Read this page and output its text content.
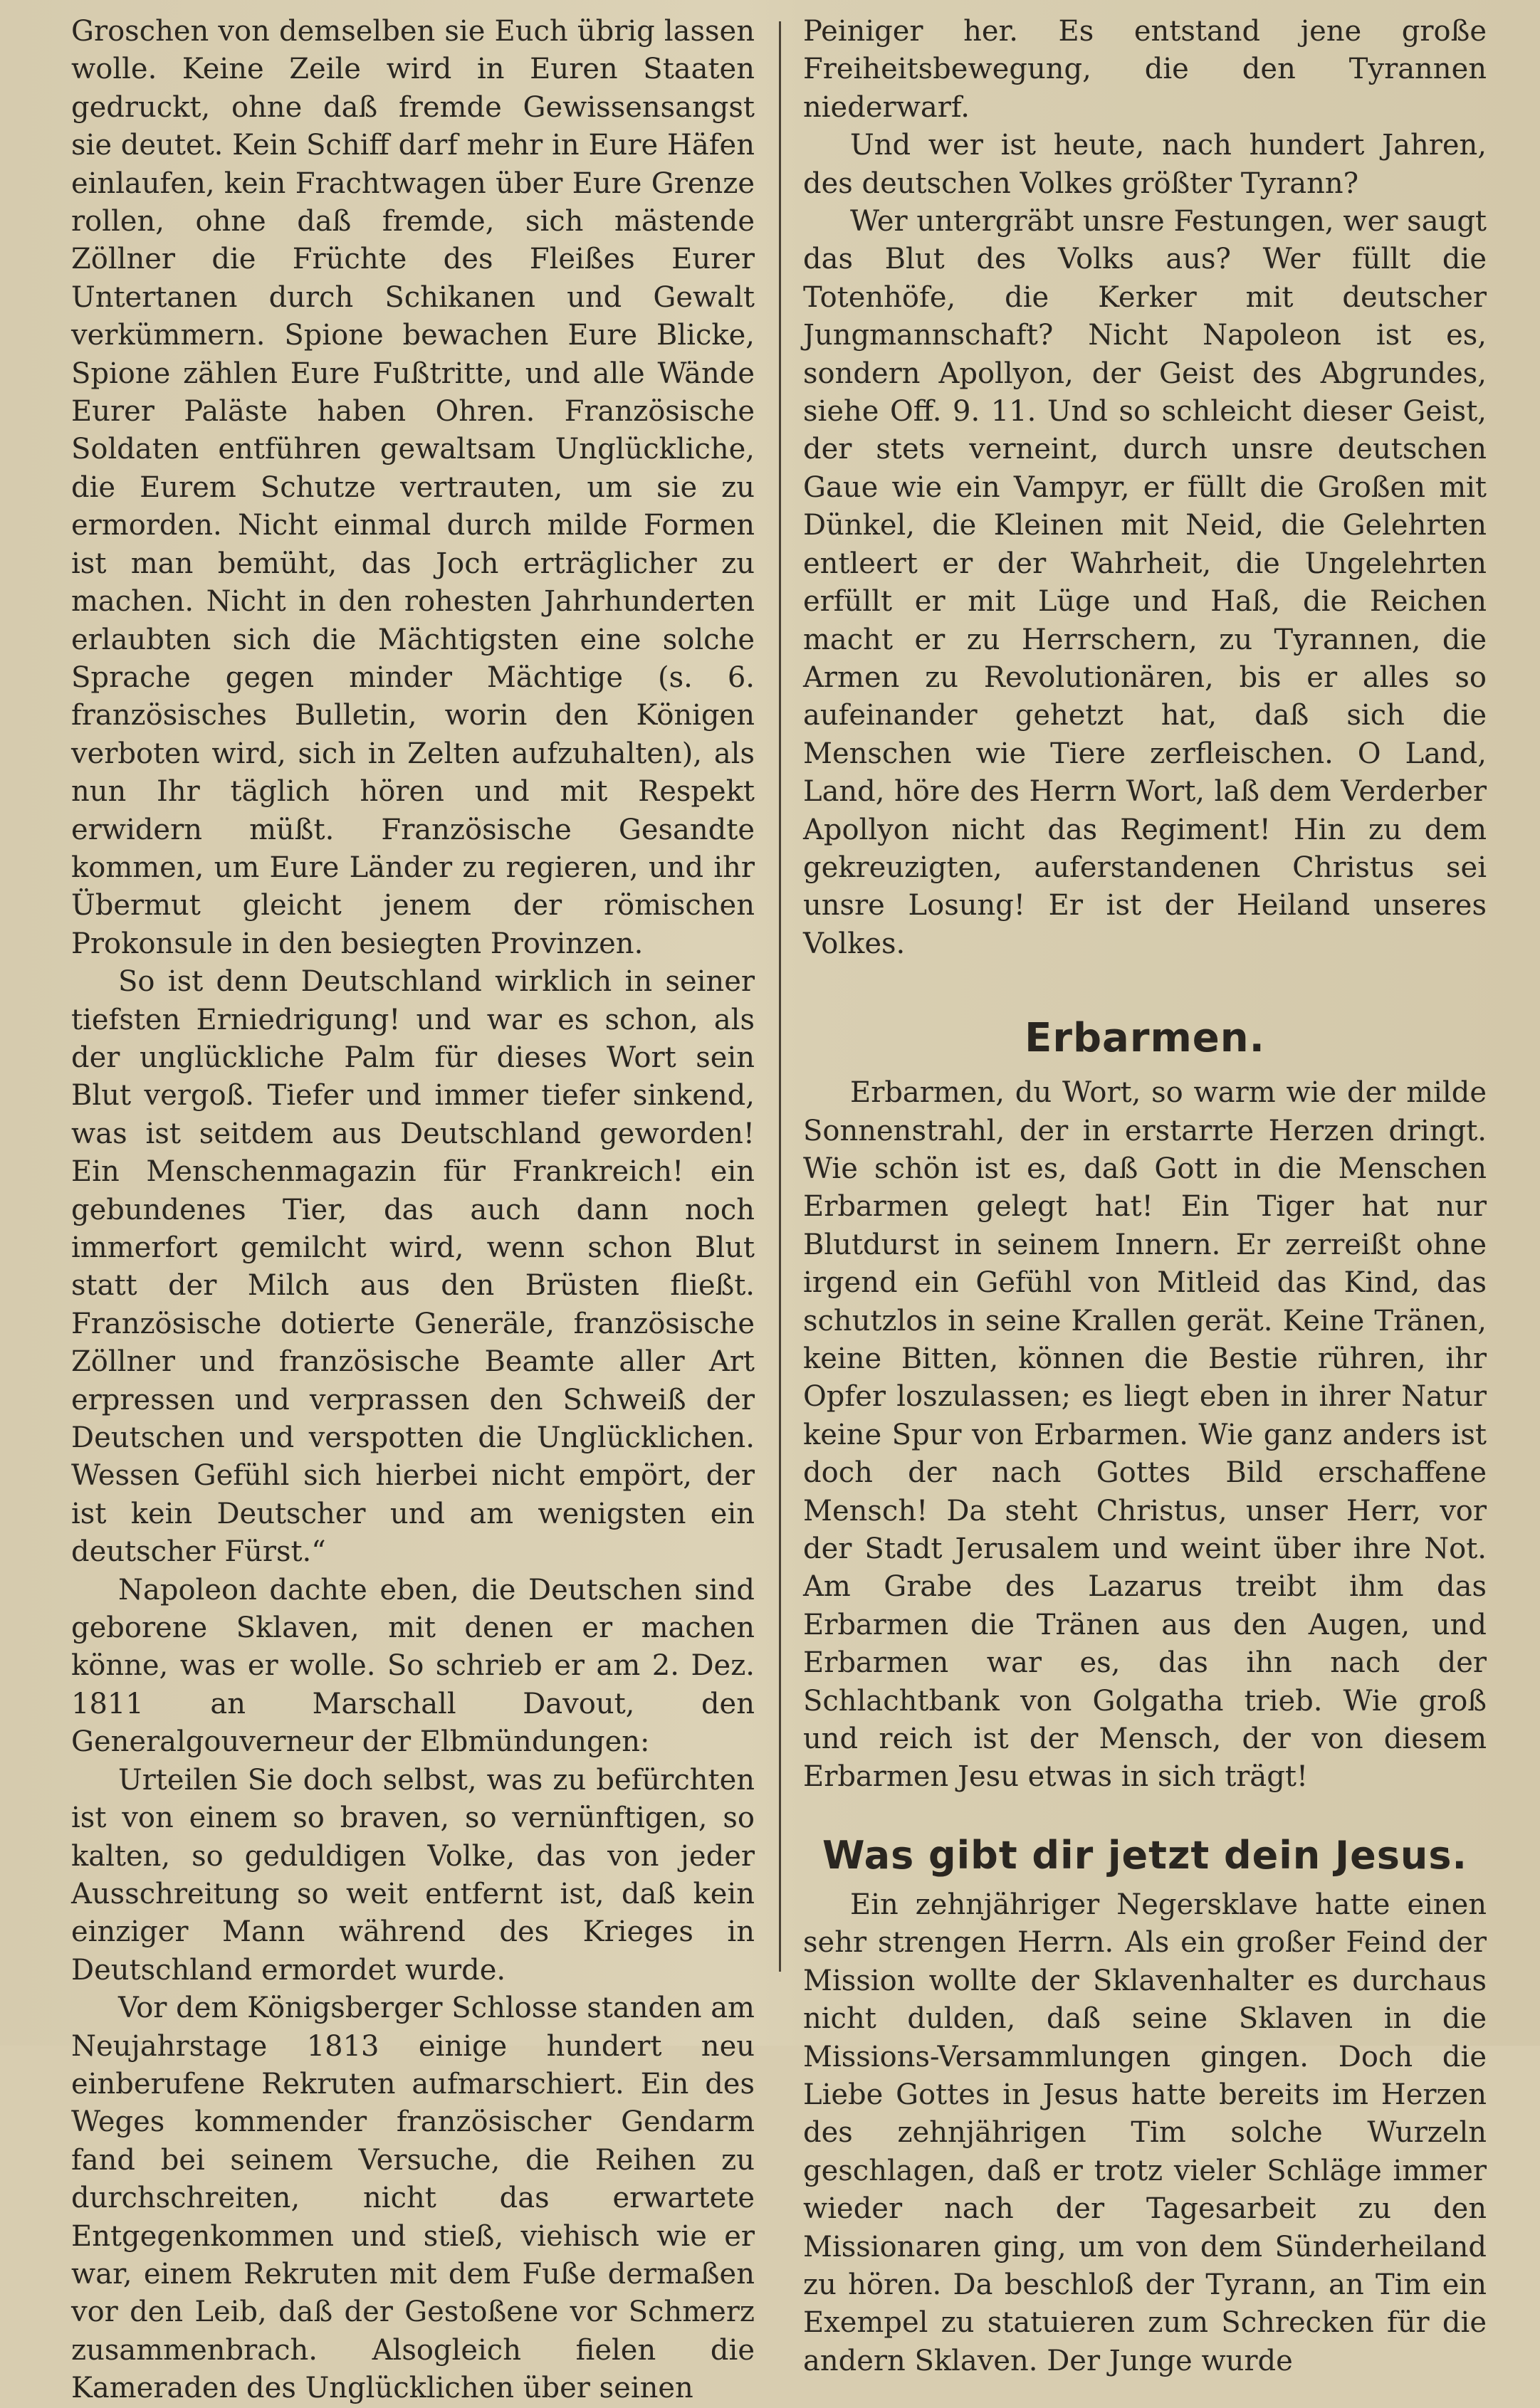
Groschen von demselben sie Euch übrig lassen wolle. Keine Zeile wird in Euren Staaten gedruckt, ohne daß fremde Gewissensangst sie deutet. Kein Schiff darf mehr in Eure Häfen einlaufen, kein Frachtwagen über Eure Grenze rollen, ohne daß fremde, sich mästende Zöllner die Früchte des Fleißes Eurer Untertanen durch Schikanen und Gewalt verkümmern. Spione bewachen Eure Blicke, Spione zählen Eure Fußtritte, und alle Wände Eurer Paläste haben Ohren. Französische Soldaten entführen gewaltsam Unglückliche, die Eurem Schutze vertrauten, um sie zu ermorden. Nicht einmal durch milde Formen ist man bemüht, das Joch erträglicher zu machen. Nicht in den rohesten Jahrhunderten erlaubten sich die Mächtigsten eine solche Sprache gegen minder Mächtige (s. 6. französisches Bulletin, worin den Königen verboten wird, sich in Zelten aufzuhalten), als nun Ihr täglich hören und mit Respekt erwidern müßt. Französische Gesandte kommen, um Eure Länder zu regieren, und ihr Übermut gleicht jenem der römischen Prokonsule in den besiegten Provinzen.

So ist denn Deutschland wirklich in seiner tiefsten Erniedrigung! und war es schon, als der unglückliche Palm für dieses Wort sein Blut vergoß. Tiefer und immer tiefer sinkend, was ist seitdem aus Deutschland geworden! Ein Menschenmagazin für Frankreich! ein gebundenes Tier, das auch dann noch immerfort gemilcht wird, wenn schon Blut statt der Milch aus den Brüsten fließt. Französische dotierte Generäle, französische Zöllner und französische Beamte aller Art erpressen und verprassen den Schweiß der Deutschen und verspotten die Unglücklichen. Wessen Gefühl sich hierbei nicht empört, der ist kein Deutscher und am wenigsten ein deutscher Fürst.“

Napoleon dachte eben, die Deutschen sind geborene Sklaven, mit denen er machen könne, was er wolle. So schrieb er am 2. Dez. 1811 an Marschall Davout, den Generalgouverneur der Elbmündungen:

Urteilen Sie doch selbst, was zu befürchten ist von einem so braven, so vernünftigen, so kalten, so geduldigen Volke, das von jeder Ausschreitung so weit entfernt ist, daß kein einziger Mann während des Krieges in Deutschland ermordet wurde.

Vor dem Königsberger Schlosse standen am Neujahrstage 1813 einige hundert neu einberufene Rekruten aufmarschiert. Ein des Weges kommender französischer Gendarm fand bei seinem Versuche, die Reihen zu durchschreiten, nicht das erwartete Entgegenkommen und stieß, viehisch wie er war, einem Rekruten mit dem Fuße dermaßen vor den Leib, daß der Gestoßene vor Schmerz zusammenbrach. Alsogleich fielen die Kameraden des Unglücklichen über seinen

Peiniger her. Es entstand jene große Freiheitsbewegung, die den Tyrannen niederwarf.

Und wer ist heute, nach hundert Jahren, des deutschen Volkes größter Tyrann?

Wer untergräbt unsre Festungen, wer saugt das Blut des Volks aus? Wer füllt die Totenhöfe, die Kerker mit deutscher Jungmannschaft? Nicht Napoleon ist es, sondern Apollyon, der Geist des Abgrundes, siehe Off. 9. 11. Und so schleicht dieser Geist, der stets verneint, durch unsre deutschen Gaue wie ein Vampyr, er füllt die Großen mit Dünkel, die Kleinen mit Neid, die Gelehrten entleert er der Wahrheit, die Ungelehrten erfüllt er mit Lüge und Haß, die Reichen macht er zu Herrschern, zu Tyrannen, die Armen zu Revolutionären, bis er alles so aufeinander gehetzt hat, daß sich die Menschen wie Tiere zerfleischen. O Land, Land, höre des Herrn Wort, laß dem Verderber Apollyon nicht das Regiment! Hin zu dem gekreuzigten, auferstandenen Christus sei unsre Losung! Er ist der Heiland unseres Volkes.

Erbarmen.

Erbarmen, du Wort, so warm wie der milde Sonnenstrahl, der in erstarrte Herzen dringt. Wie schön ist es, daß Gott in die Menschen Erbarmen gelegt hat! Ein Tiger hat nur Blutdurst in seinem Innern. Er zerreißt ohne irgend ein Gefühl von Mitleid das Kind, das schutzlos in seine Krallen gerät. Keine Tränen, keine Bitten, können die Bestie rühren, ihr Opfer loszulassen; es liegt eben in ihrer Natur keine Spur von Erbarmen. Wie ganz anders ist doch der nach Gottes Bild erschaffene Mensch! Da steht Christus, unser Herr, vor der Stadt Jerusalem und weint über ihre Not. Am Grabe des Lazarus treibt ihm das Erbarmen die Tränen aus den Augen, und Erbarmen war es, das ihn nach der Schlachtbank von Golgatha trieb. Wie groß und reich ist der Mensch, der von diesem Erbarmen Jesu etwas in sich trägt!

Was gibt dir jetzt dein Jesus.

Ein zehnjähriger Negersklave hatte einen sehr strengen Herrn. Als ein großer Feind der Mission wollte der Sklavenhalter es durchaus nicht dulden, daß seine Sklaven in die Missions-Versammlungen gingen. Doch die Liebe Gottes in Jesus hatte bereits im Herzen des zehnjährigen Tim solche Wurzeln geschlagen, daß er trotz vieler Schläge immer wieder nach der Tagesarbeit zu den Missionaren ging, um von dem Sünderheiland zu hören. Da beschloß der Tyrann, an Tim ein Exempel zu statuieren zum Schrecken für die andern Sklaven. Der Junge wurde
